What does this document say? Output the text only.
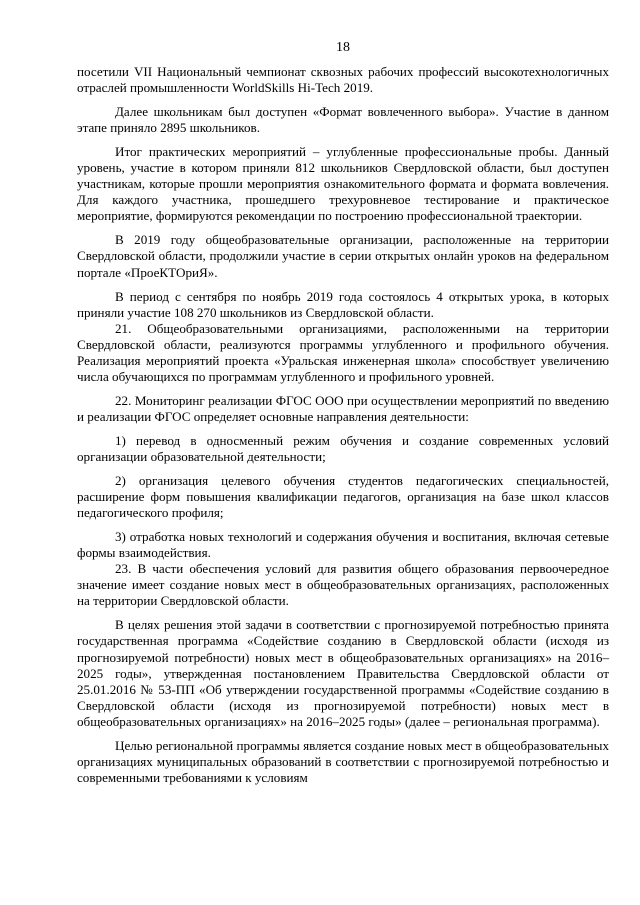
18

посетили VII Национальный чемпионат сквозных рабочих профессий высокотехнологичных отраслей промышленности WorldSkills Hi-Tech 2019.

Далее школьникам был доступен «Формат вовлеченного выбора». Участие в данном этапе приняло 2895 школьников.

Итог практических мероприятий – углубленные профессиональные пробы. Данный уровень, участие в котором приняли 812 школьников Свердловской области, был доступен участникам, которые прошли мероприятия ознакомительного формата и формата вовлечения. Для каждого участника, прошедшего трехуровневое тестирование и практическое мероприятие, формируются рекомендации по построению профессиональной траектории.

В 2019 году общеобразовательные организации, расположенные на территории Свердловской области, продолжили участие в серии открытых онлайн уроков на федеральном портале «ПроеКТОриЯ».

В период с сентября по ноябрь 2019 года состоялось 4 открытых урока, в которых приняли участие 108 270 школьников из Свердловской области.

21. Общеобразовательными организациями, расположенными на территории Свердловской области, реализуются программы углубленного и профильного обучения. Реализация мероприятий проекта «Уральская инженерная школа» способствует увеличению числа обучающихся по программам углубленного и профильного уровней.

22. Мониторинг реализации ФГОС ООО при осуществлении мероприятий по введению и реализации ФГОС определяет основные направления деятельности:

1) перевод в односменный режим обучения и создание современных условий организации образовательной деятельности;

2) организация целевого обучения студентов педагогических специальностей, расширение форм повышения квалификации педагогов, организация на базе школ классов педагогического профиля;

3) отработка новых технологий и содержания обучения и воспитания, включая сетевые формы взаимодействия.

23. В части обеспечения условий для развития общего образования первоочередное значение имеет создание новых мест в общеобразовательных организациях, расположенных на территории Свердловской области.

В целях решения этой задачи в соответствии с прогнозируемой потребностью принята государственная программа «Содействие созданию в Свердловской области (исходя из прогнозируемой потребности) новых мест в общеобразовательных организациях» на 2016–2025 годы», утвержденная постановлением Правительства Свердловской области от 25.01.2016 № 53-ПП «Об утверждении государственной программы «Содействие созданию в Свердловской области (исходя из прогнозируемой потребности) новых мест в общеобразовательных организациях» на 2016–2025 годы» (далее – региональная программа).

Целью региональной программы является создание новых мест в общеобразовательных организациях муниципальных образований в соответствии с прогнозируемой потребностью и современными требованиями к условиям
